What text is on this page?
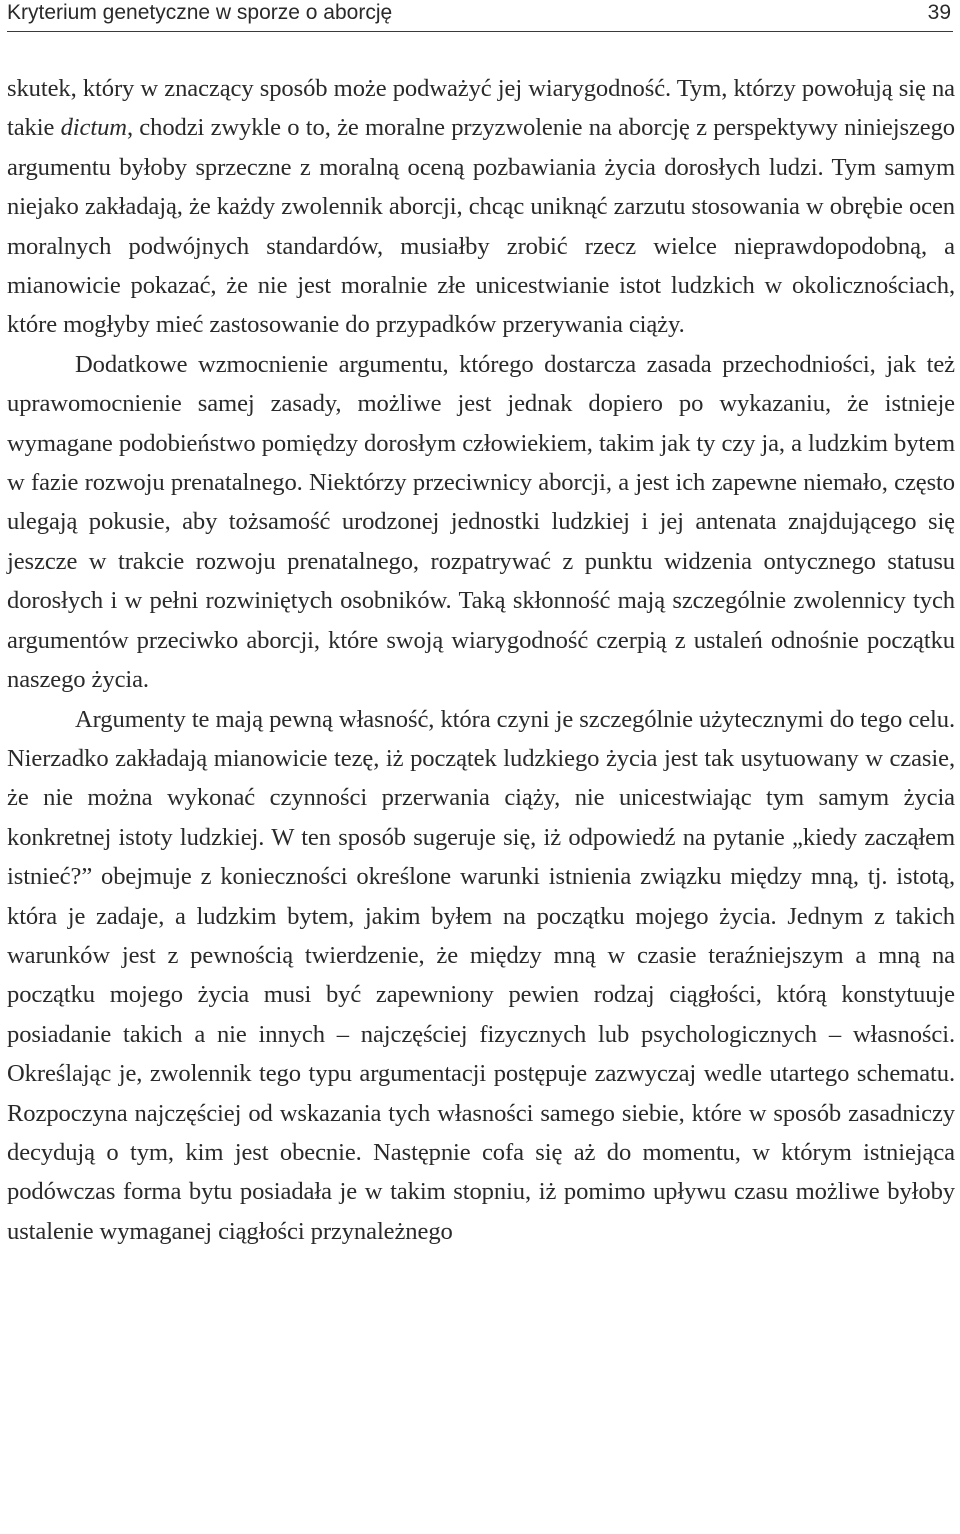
Kryterium genetyczne w sporze o aborcję	39

skutek, który w znaczący sposób może podważyć jej wiarygodność. Tym, którzy powołują się na takie dictum, chodzi zwykle o to, że moralne przyzwolenie na aborcję z perspektywy niniejszego argumentu byłoby sprzeczne z moralną oceną pozbawiania życia dorosłych ludzi. Tym samym niejako zakładają, że każdy zwolennik aborcji, chcąc uniknąć zarzutu stosowania w obrębie ocen moralnych podwójnych standardów, musiałby zrobić rzecz wielce nieprawdopodobną, a mianowicie pokazać, że nie jest moralnie złe unicestwianie istot ludzkich w okolicznościach, które mogłyby mieć zastosowanie do przypadków przerywania ciąży.

Dodatkowe wzmocnienie argumentu, którego dostarcza zasada przechodniości, jak też uprawomocnienie samej zasady, możliwe jest jednak dopiero po wykazaniu, że istnieje wymagane podobieństwo pomiędzy dorosłym człowiekiem, takim jak ty czy ja, a ludzkim bytem w fazie rozwoju prenatalnego. Niektórzy przeciwnicy aborcji, a jest ich zapewne niemało, często ulegają pokusie, aby tożsamość urodzonej jednostki ludzkiej i jej antenata znajdującego się jeszcze w trakcie rozwoju prenatalnego, rozpatrywać z punktu widzenia ontycznego statusu dorosłych i w pełni rozwiniętych osobników. Taką skłonność mają szczególnie zwolennicy tych argumentów przeciwko aborcji, które swoją wiarygodność czerpią z ustaleń odnośnie początku naszego życia.

Argumenty te mają pewną własność, która czyni je szczególnie użytecznymi do tego celu. Nierzadko zakładają mianowicie tezę, iż początek ludzkiego życia jest tak usytuowany w czasie, że nie można wykonać czynności przerwania ciąży, nie unicestwiając tym samym życia konkretnej istoty ludzkiej. W ten sposób sugeruje się, iż odpowiedź na pytanie „kiedy zacząłem istnieć?” obejmuje z konieczności określone warunki istnienia związku między mną, tj. istotą, która je zadaje, a ludzkim bytem, jakim byłem na początku mojego życia. Jednym z takich warunków jest z pewnością twierdzenie, że między mną w czasie teraźniejszym a mną na początku mojego życia musi być zapewniony pewien rodzaj ciągłości, którą konstytuuje posiadanie takich a nie innych – najczęściej fizycznych lub psychologicznych – własności. Określając je, zwolennik tego typu argumentacji postępuje zazwyczaj wedle utartego schematu. Rozpoczyna najczęściej od wskazania tych własności samego siebie, które w sposób zasadniczy decydują o tym, kim jest obecnie. Następnie cofa się aż do momentu, w którym istniejąca podówczas forma bytu posiadała je w takim stopniu, iż pomimo upływu czasu możliwe byłoby ustalenie wymaganej ciągłości przynależnego
